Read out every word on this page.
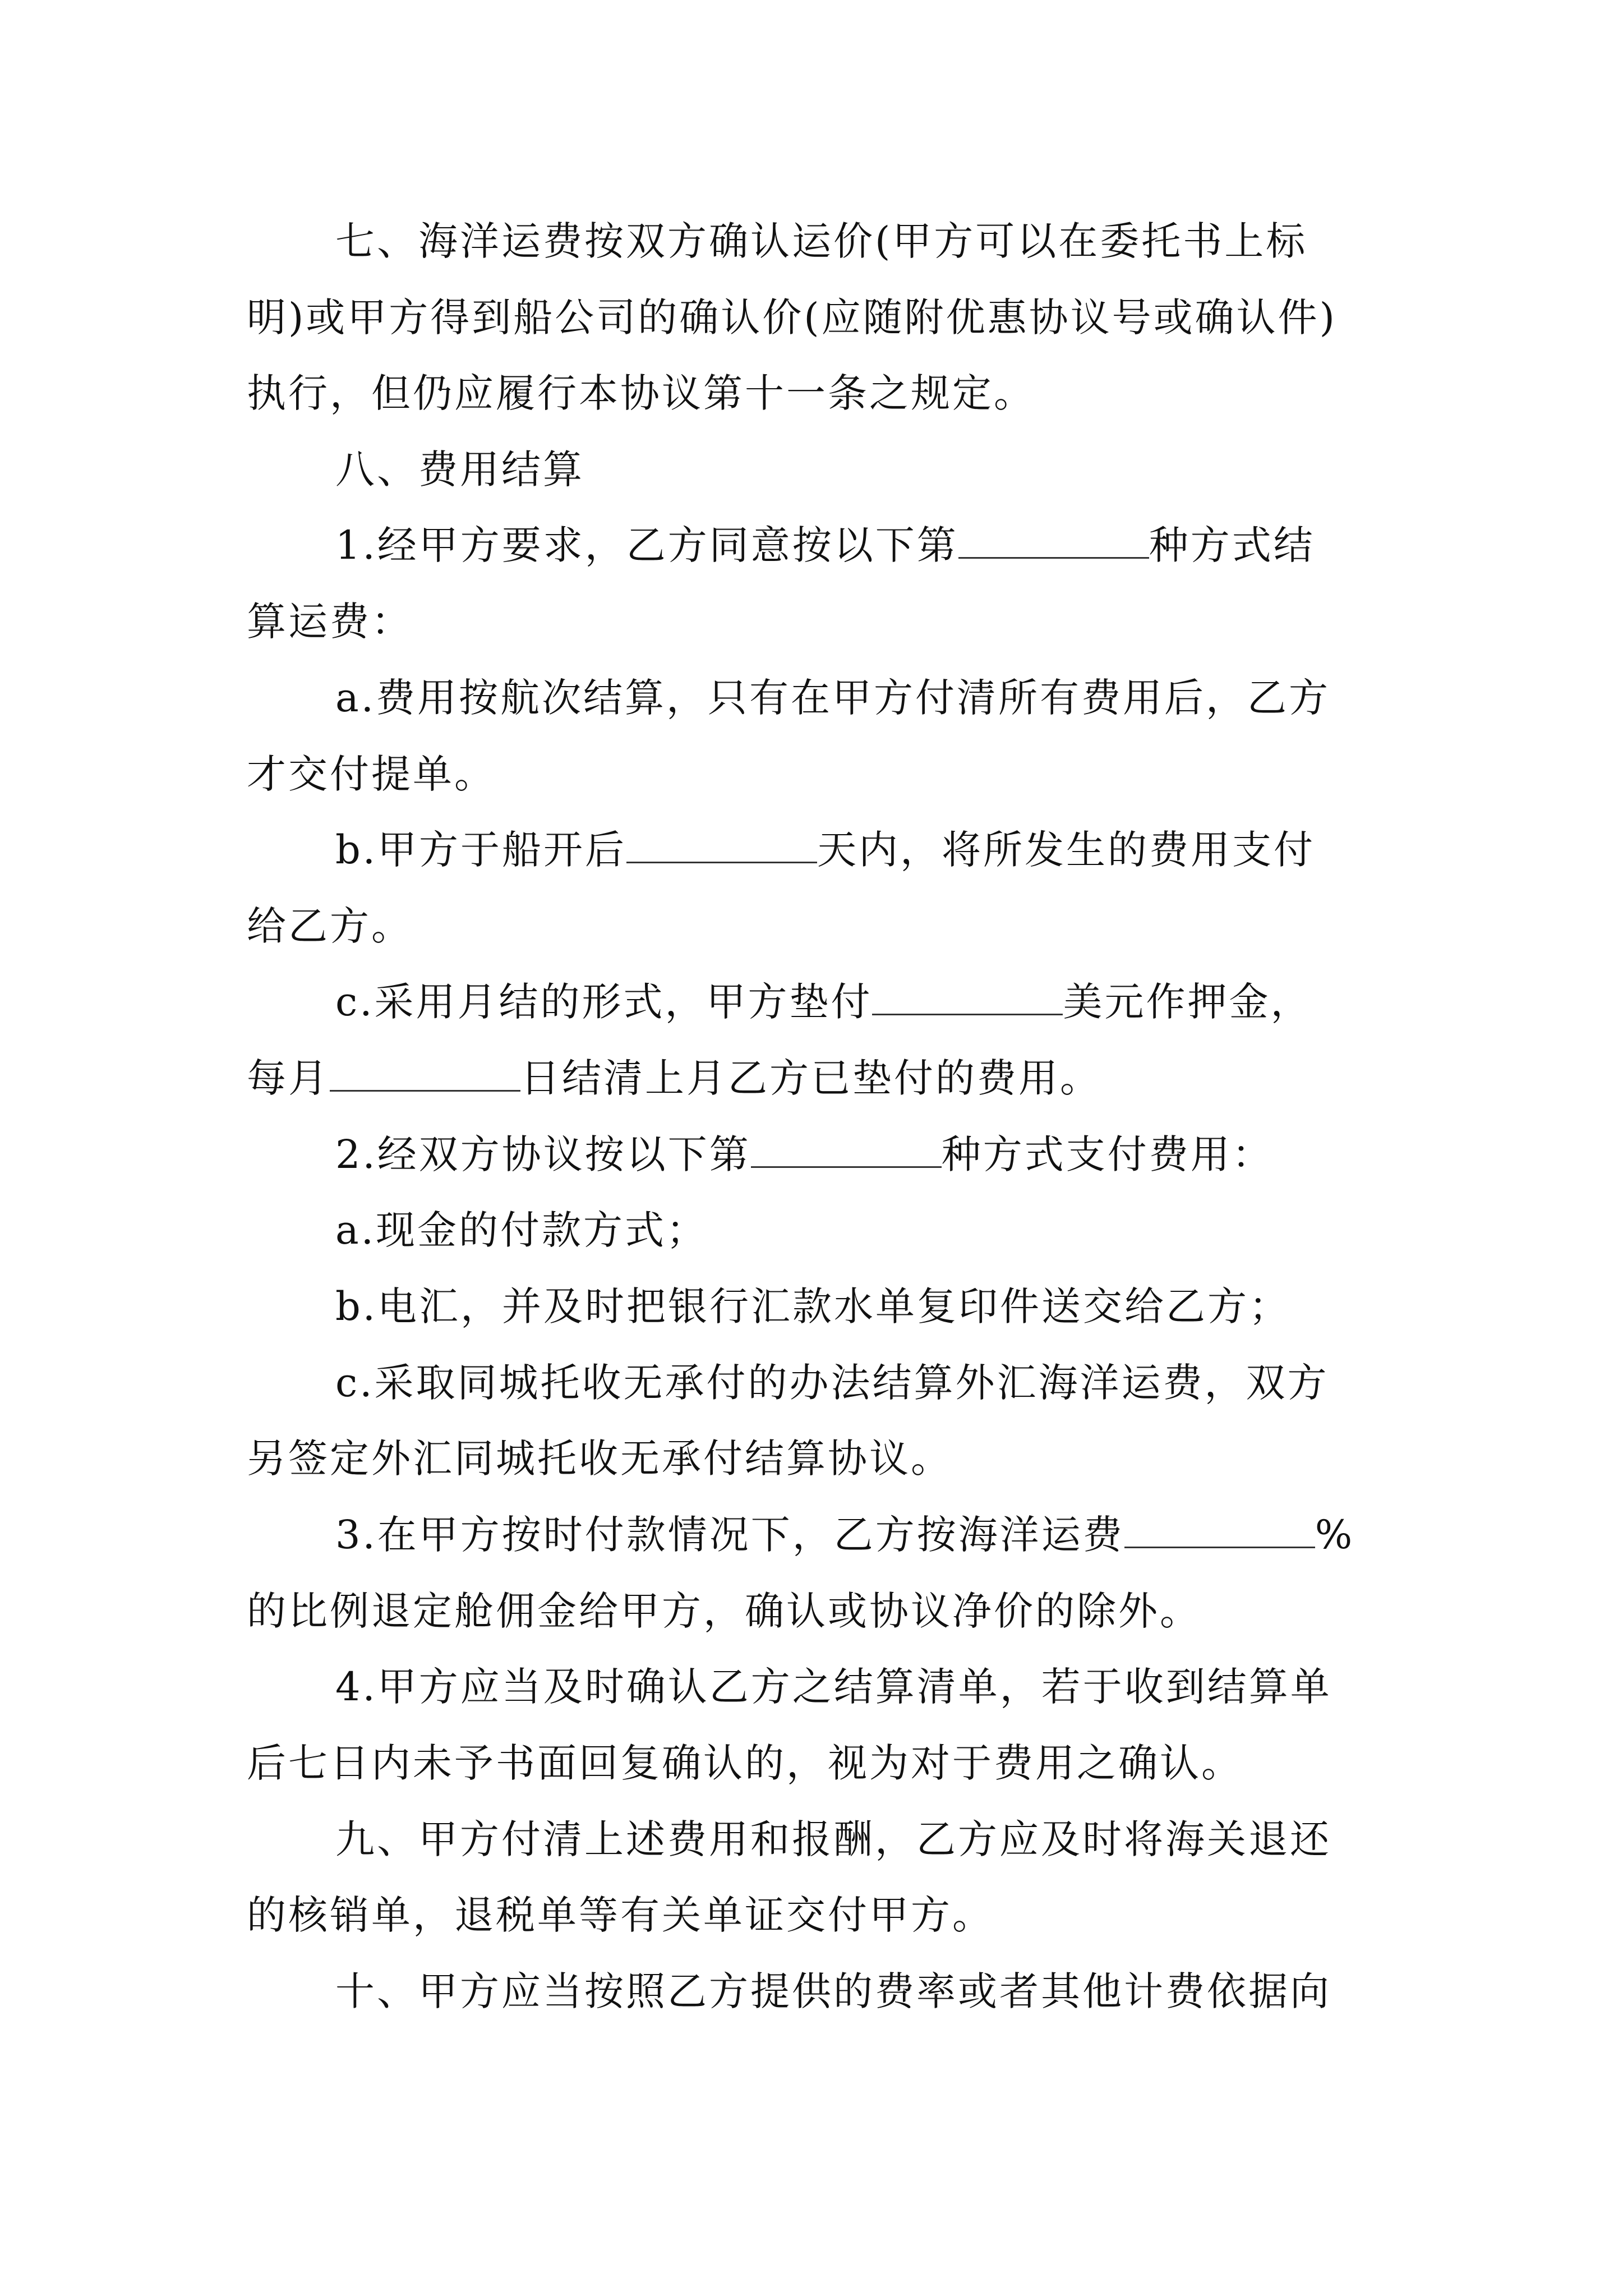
七、海洋运费按双方确认运价(甲方可以在委托书上标
明)或甲方得到船公司的确认价(应随附优惠协议号或确认件)
执行，但仍应履行本协议第十一条之规定。
八、费用结算
1.经甲方要求，乙方同意按以下第	种方式结
算运费：
a.费用按航次结算，只有在甲方付清所有费用后，乙方
才交付提单。
b.甲方于船开后	天内，将所发生的费用支付
给乙方。
c.采用月结的形式，甲方垫付	美元作押金，
每月	日结清上月乙方已垫付的费用。
2.经双方协议按以下第	种方式支付费用：
a.现金的付款方式；
b.电汇，并及时把银行汇款水单复印件送交给乙方；
c.采取同城托收无承付的办法结算外汇海洋运费，双方
另签定外汇同城托收无承付结算协议。
3.在甲方按时付款情况下，乙方按海洋运费	%
的比例退定舱佣金给甲方，确认或协议净价的除外。
4.甲方应当及时确认乙方之结算清单，若于收到结算单
后七日内未予书面回复确认的，视为对于费用之确认。
九、甲方付清上述费用和报酬，乙方应及时将海关退还
的核销单，退税单等有关单证交付甲方。
十、甲方应当按照乙方提供的费率或者其他计费依据向
